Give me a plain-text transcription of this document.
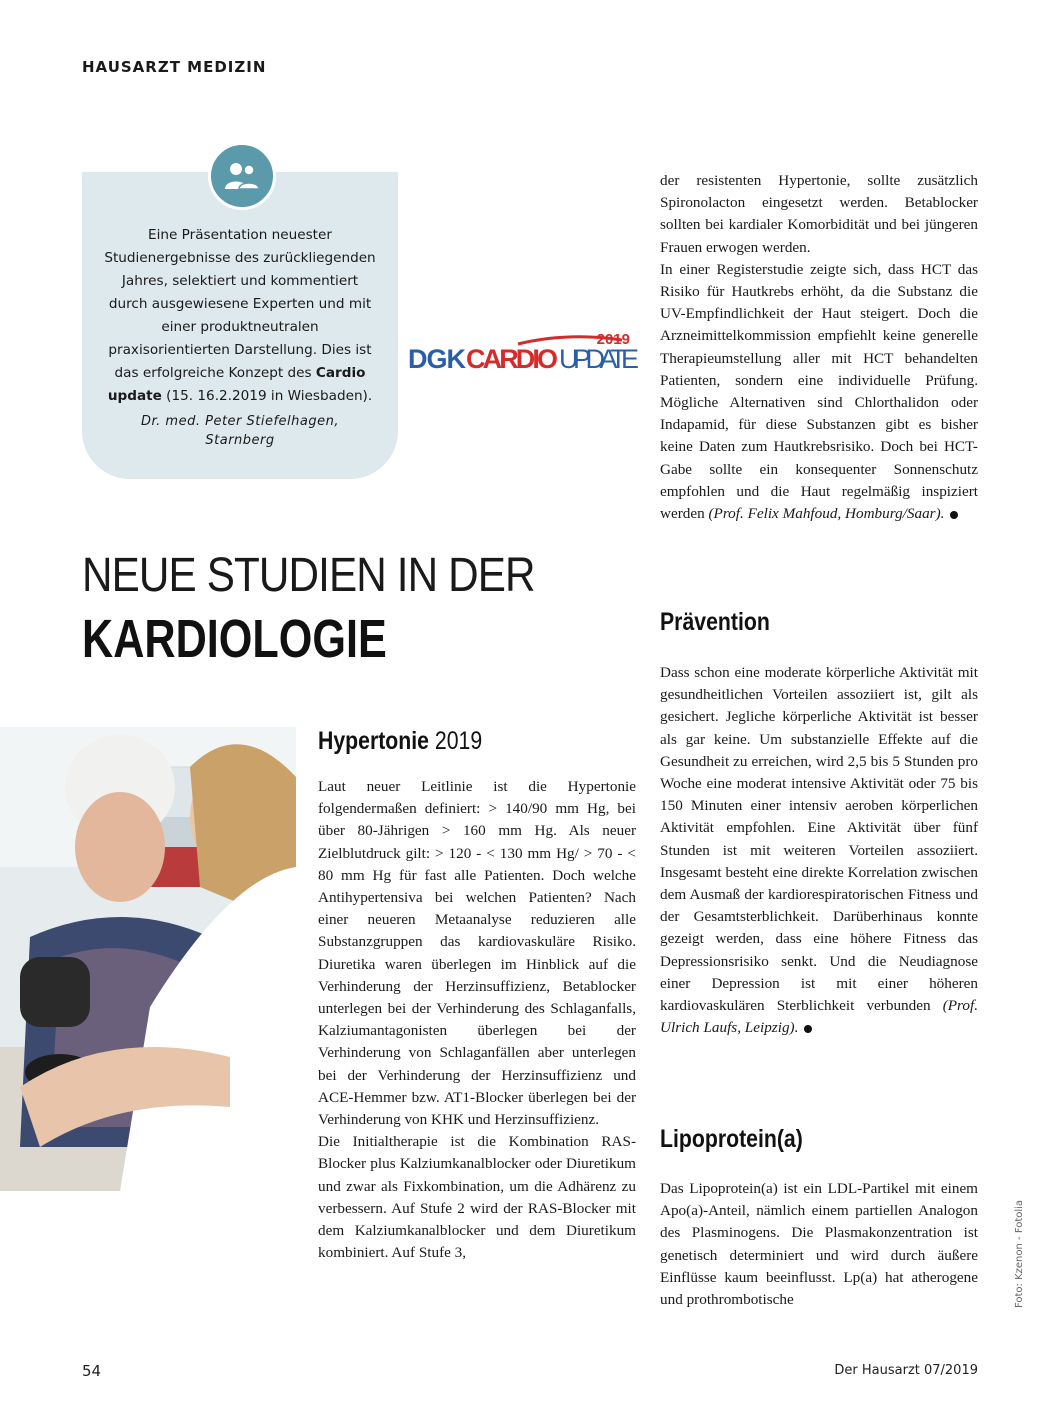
HAUSARZT MEDIZIN
Eine Präsentation neuester Studienergebnisse des zurückliegenden Jahres, selektiert und kommentiert durch ausgewiesene Experten und mit einer produktneutralen praxisorientierten Darstellung. Dies ist das erfolgreiche Konzept des Cardio update (15. 16.2.2019 in Wiesbaden).
Dr. med. Peter Stiefelhagen,
Starnberg
2019
DGK CARDIO UPDATE
NEUE STUDIEN IN DER
KARDIOLOGIE
Hypertonie 2019

Laut neuer Leitlinie ist die Hypertonie folgendermaßen definiert: > 140/90 mm Hg, bei über 80-Jährigen > 160 mm Hg. Als neuer Zielblutdruck gilt: > 120 - < 130 mm Hg/ > 70 - < 80 mm Hg für fast alle Patienten. Doch welche Antihypertensiva bei welchen Patienten? Nach einer neueren Metaanalyse reduzieren alle Substanzgruppen das kardiovaskuläre Risiko. Diuretika waren überlegen im Hinblick auf die Verhinderung der Herzinsuffizienz, Betablocker unterlegen bei der Verhinderung des Schlaganfalls, Kalziumantagonisten überlegen bei der Verhinderung von Schlaganfällen aber unterlegen bei der Verhinderung der Herzinsuffizienz und ACE-Hemmer bzw. AT1-Blocker überlegen bei der Verhinderung von KHK und Herzinsuffizienz.

Die Initialtherapie ist die Kombination RAS-Blocker plus Kalziumkanalblocker oder Diuretikum und zwar als Fixkombination, um die Adhärenz zu verbessern. Auf Stufe 2 wird der RAS-Blocker mit dem Kalziumkanalblocker und dem Diuretikum kombiniert. Auf Stufe 3,

der resistenten Hypertonie, sollte zusätzlich Spironolacton eingesetzt werden. Betablocker sollten bei kardialer Komorbidität und bei jüngeren Frauen erwogen werden.

In einer Registerstudie zeigte sich, dass HCT das Risiko für Hautkrebs erhöht, da die Substanz die UV-Empfindlichkeit der Haut steigert. Doch die Arzneimittelkommission empfiehlt keine generelle Therapieumstellung aller mit HCT behandelten Patienten, sondern eine individuelle Prüfung. Mögliche Alternativen sind Chlorthalidon oder Indapamid, für diese Substanzen gibt es bisher keine Daten zum Hautkrebsrisiko. Doch bei HCT-Gabe sollte ein konsequenter Sonnenschutz empfohlen und die Haut regelmäßig inspiziert werden (Prof. Felix Mahfoud, Homburg/Saar).

Prävention

Dass schon eine moderate körperliche Aktivität mit gesundheitlichen Vorteilen assoziiert ist, gilt als gesichert. Jegliche körperliche Aktivität ist besser als gar keine. Um substanzielle Effekte auf die Gesundheit zu erreichen, wird 2,5 bis 5 Stunden pro Woche eine moderat intensive Aktivität oder 75 bis 150 Minuten einer intensiv aeroben körperlichen Aktivität empfohlen. Eine Aktivität über fünf Stunden ist mit weiteren Vorteilen assoziiert. Insgesamt besteht eine direkte Korrelation zwischen dem Ausmaß der kardiorespiratorischen Fitness und der Gesamtsterblichkeit. Darüberhinaus konnte gezeigt werden, dass eine höhere Fitness das Depressionsrisiko senkt. Und die Neudiagnose einer Depression ist mit einer höheren kardiovaskulären Sterblichkeit verbunden (Prof. Ulrich Laufs, Leipzig).

Lipoprotein(a)

Das Lipoprotein(a) ist ein LDL-Partikel mit einem Apo(a)-Anteil, nämlich einem partiellen Analogon des Plasminogens. Die Plasmakonzentration ist genetisch determiniert und wird durch äußere Einflüsse kaum beeinflusst. Lp(a) hat atherogene und prothrombotische	Foto: Kzenon - Fotolia
54	Der Hausarzt 07/2019
